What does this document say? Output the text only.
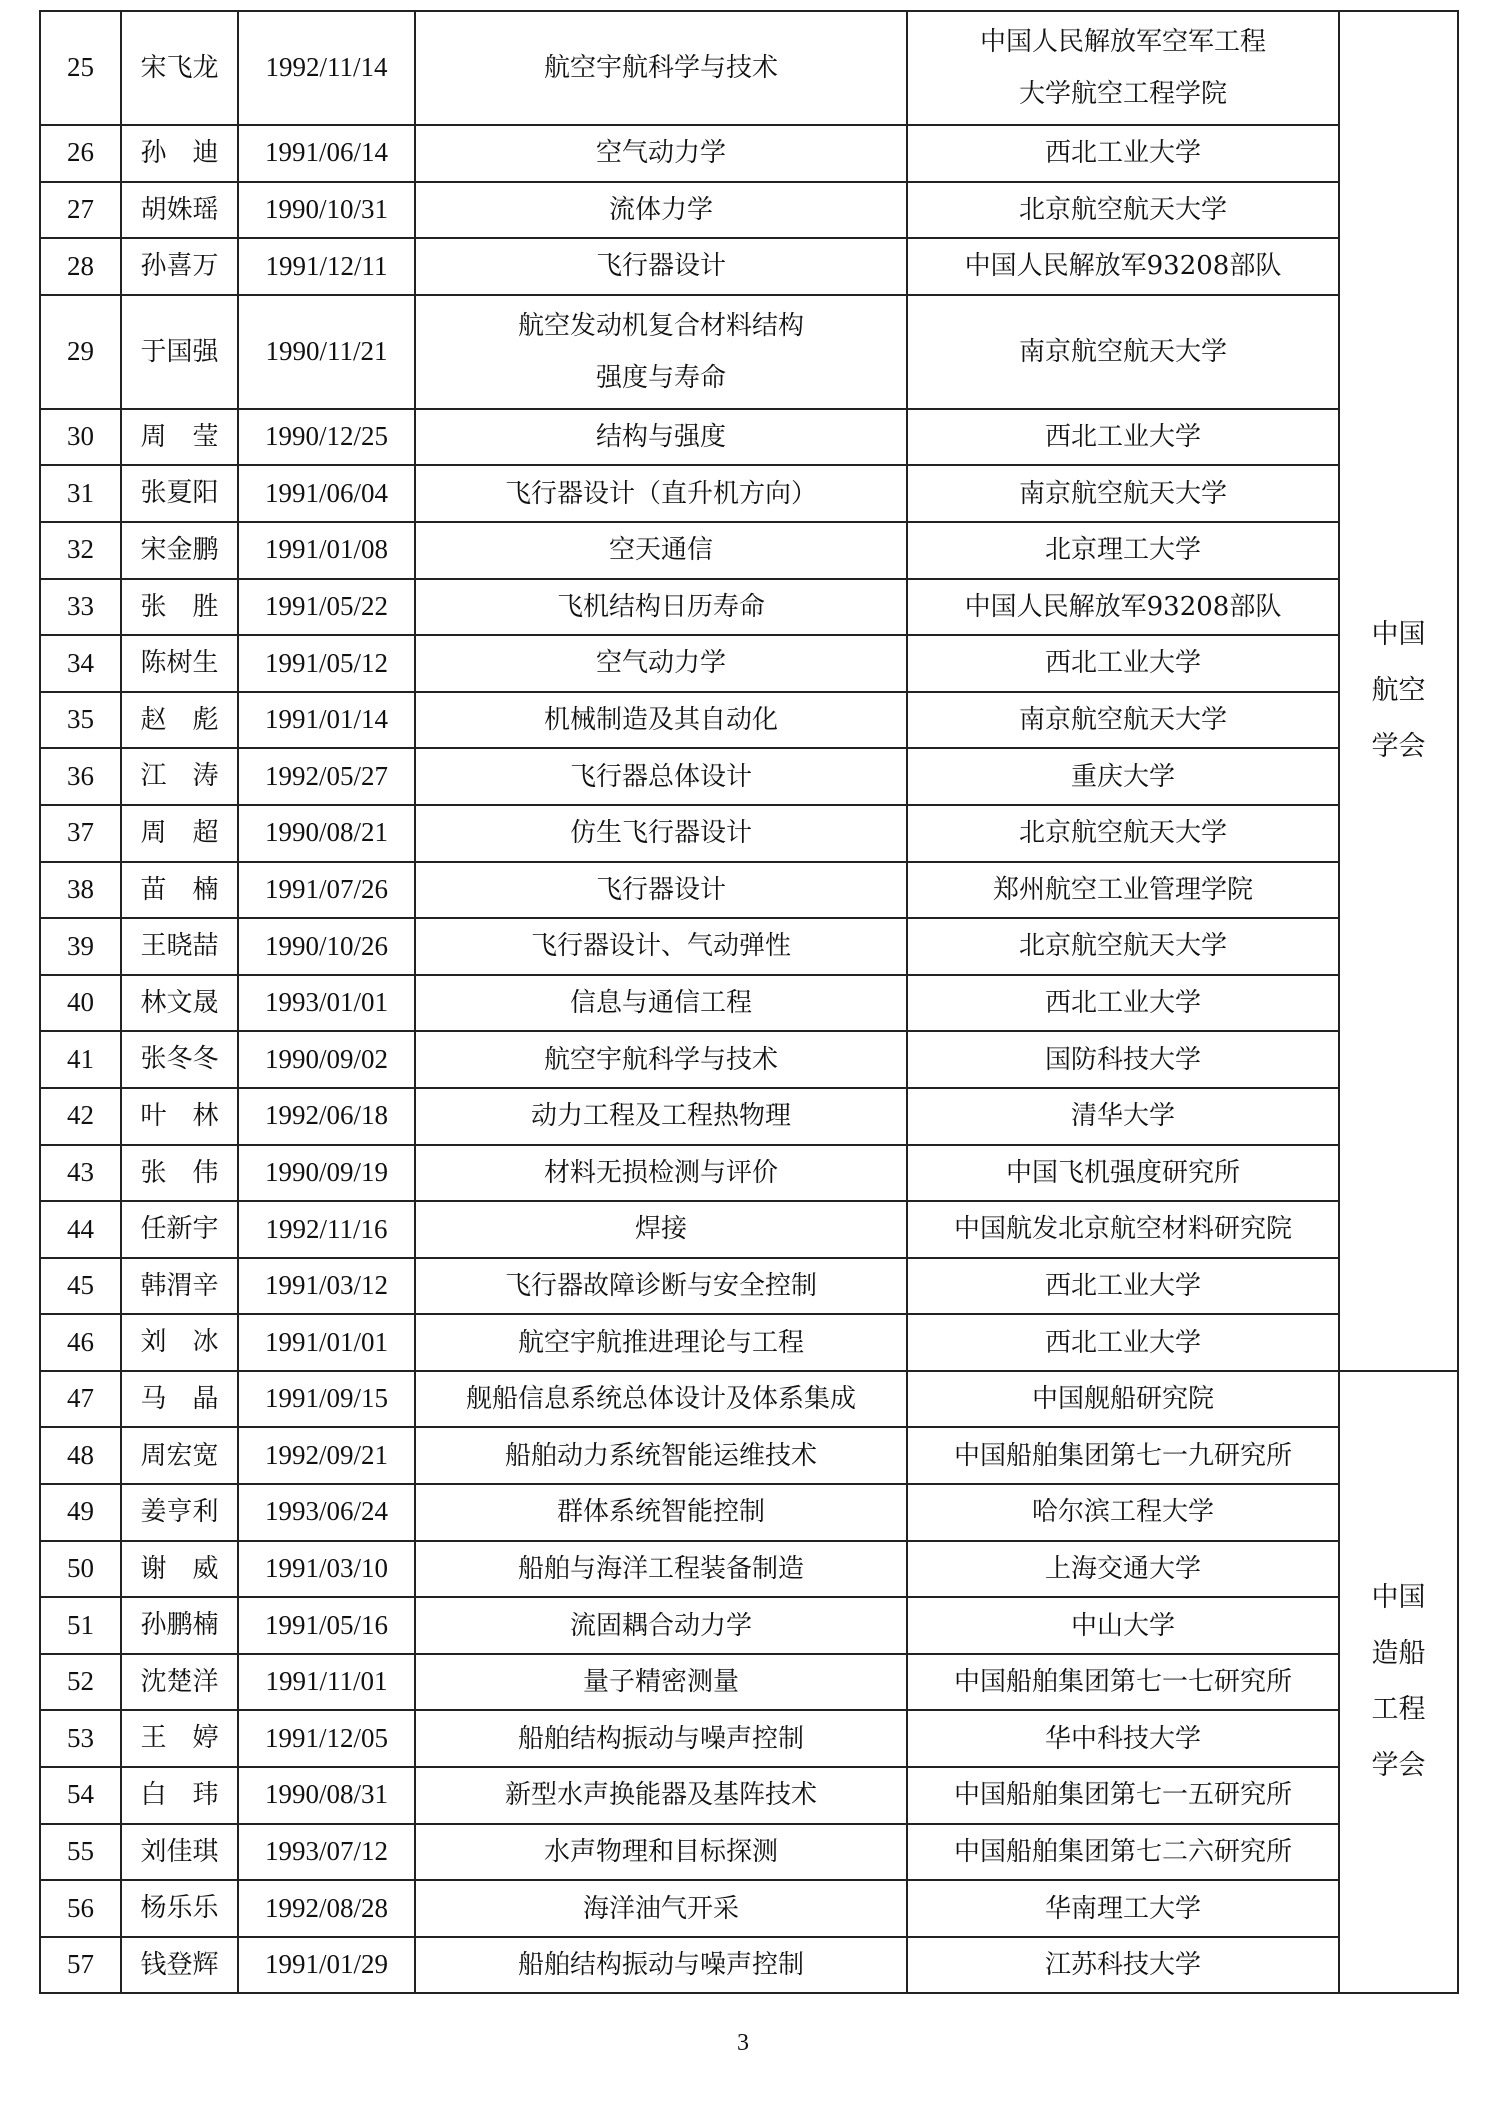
25	宋飞龙	1992/11/14	航空宇航科学与技术	中国人民解放军空军工程
大学航空工程学院	中国
航空
学会

26	孙　迪	1991/06/14	空气动力学	西北工业大学	

27	胡姝瑶	1990/10/31	流体力学	北京航空航天大学	

28	孙喜万	1991/12/11	飞行器设计	中国人民解放军93208部队	

29	于国强	1990/11/21	航空发动机复合材料结构
强度与寿命	南京航空航天大学	

30	周　莹	1990/12/25	结构与强度	西北工业大学	

31	张夏阳	1991/06/04	飞行器设计（直升机方向）	南京航空航天大学	

32	宋金鹏	1991/01/08	空天通信	北京理工大学	

33	张　胜	1991/05/22	飞机结构日历寿命	中国人民解放军93208部队	

34	陈树生	1991/05/12	空气动力学	西北工业大学	

35	赵　彪	1991/01/14	机械制造及其自动化	南京航空航天大学	

36	江　涛	1992/05/27	飞行器总体设计	重庆大学	

37	周　超	1990/08/21	仿生飞行器设计	北京航空航天大学	

38	苗　楠	1991/07/26	飞行器设计	郑州航空工业管理学院	

39	王晓喆	1990/10/26	飞行器设计、气动弹性	北京航空航天大学	

40	林文晟	1993/01/01	信息与通信工程	西北工业大学	

41	张冬冬	1990/09/02	航空宇航科学与技术	国防科技大学	

42	叶　林	1992/06/18	动力工程及工程热物理	清华大学	

43	张　伟	1990/09/19	材料无损检测与评价	中国飞机强度研究所	

44	任新宇	1992/11/16	焊接	中国航发北京航空材料研究院	

45	韩渭辛	1991/03/12	飞行器故障诊断与安全控制	西北工业大学	

46	刘　冰	1991/01/01	航空宇航推进理论与工程	西北工业大学	

47	马　晶	1991/09/15	舰船信息系统总体设计及体系集成	中国舰船研究院	中国
造船
工程
学会

48	周宏宽	1992/09/21	船舶动力系统智能运维技术	中国船舶集团第七一九研究所	

49	姜亨利	1993/06/24	群体系统智能控制	哈尔滨工程大学	

50	谢　威	1991/03/10	船舶与海洋工程装备制造	上海交通大学	

51	孙鹏楠	1991/05/16	流固耦合动力学	中山大学	

52	沈楚洋	1991/11/01	量子精密测量	中国船舶集团第七一七研究所	

53	王　婷	1991/12/05	船舶结构振动与噪声控制	华中科技大学	

54	白　玮	1990/08/31	新型水声换能器及基阵技术	中国船舶集团第七一五研究所	

55	刘佳琪	1993/07/12	水声物理和目标探测	中国船舶集团第七二六研究所	

56	杨乐乐	1992/08/28	海洋油气开采	华南理工大学	

57	钱登辉	1991/01/29	船舶结构振动与噪声控制	江苏科技大学	
3
